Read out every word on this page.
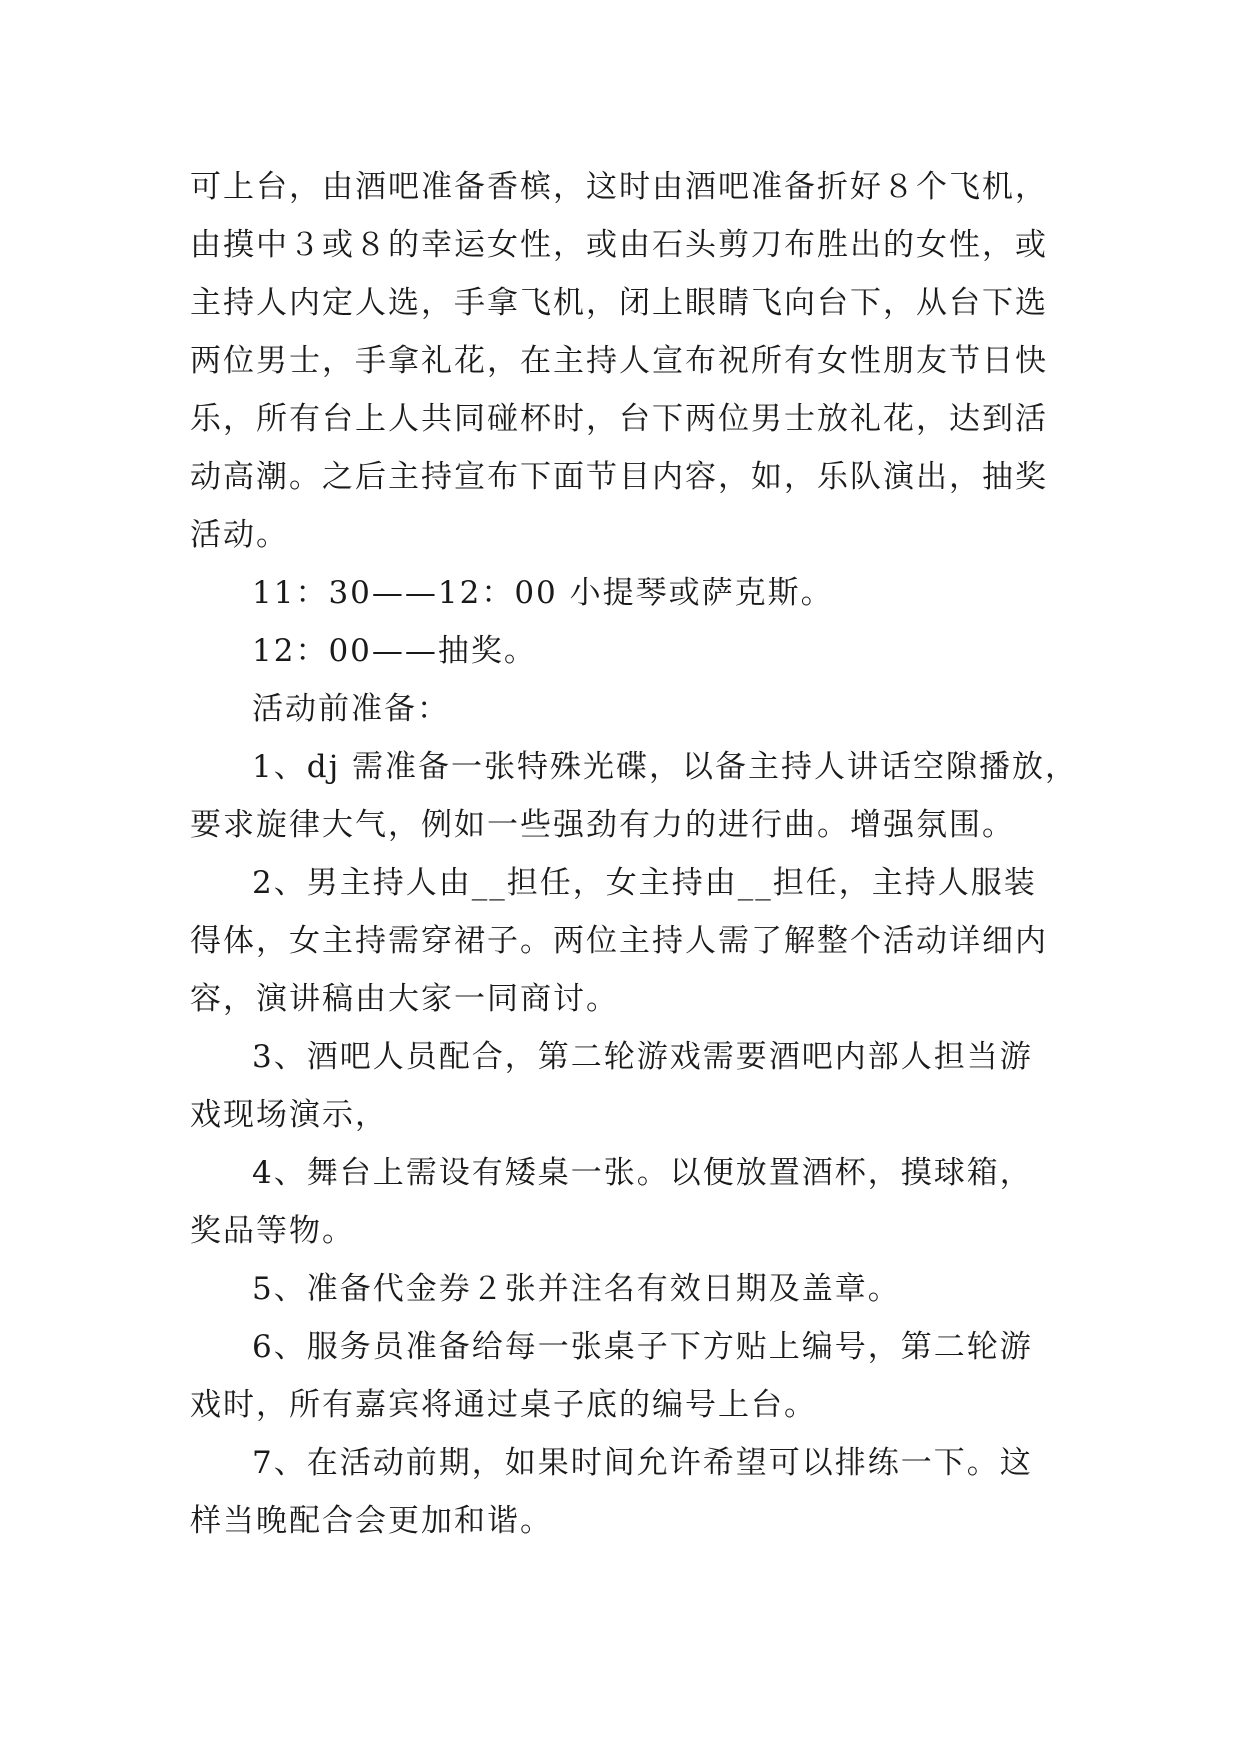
可上台，由酒吧准备香槟，这时由酒吧准备折好８个飞机，
由摸中３或８的幸运女性，或由石头剪刀布胜出的女性，或
主持人内定人选，手拿飞机，闭上眼睛飞向台下，从台下选
两位男士，手拿礼花，在主持人宣布祝所有女性朋友节日快
乐，所有台上人共同碰杯时，台下两位男士放礼花，达到活
动高潮。之后主持宣布下面节目内容，如，乐队演出，抽奖
活动。

11：30——12：00 小提琴或萨克斯。

12：00——抽奖。

活动前准备：

1、dj 需准备一张特殊光碟，以备主持人讲话空隙播放，
要求旋律大气，例如一些强劲有力的进行曲。增强氛围。

2、男主持人由__担任，女主持由__担任，主持人服装
得体，女主持需穿裙子。两位主持人需了解整个活动详细内
容，演讲稿由大家一同商讨。

3、酒吧人员配合，第二轮游戏需要酒吧内部人担当游
戏现场演示，

4、舞台上需设有矮桌一张。以便放置酒杯，摸球箱，
奖品等物。

5、准备代金券２张并注名有效日期及盖章。

6、服务员准备给每一张桌子下方贴上编号，第二轮游
戏时，所有嘉宾将通过桌子底的编号上台。

7、在活动前期，如果时间允许希望可以排练一下。这
样当晚配合会更加和谐。
